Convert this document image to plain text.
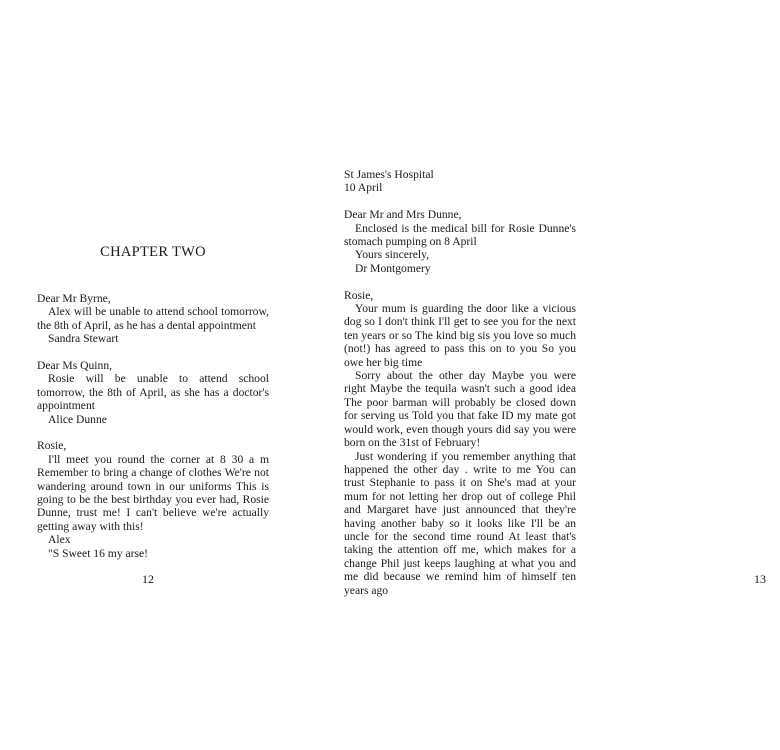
CHAPTER TWO

Dear Mr Byrne,

Alex will be unable to attend school tomorrow, the 8th of April, as he has a dental appointment

Sandra Stewart

Dear Ms Quinn,

Rosie will be unable to attend school tomorrow, the 8th of April, as she has a doctor's appointment

Alice Dunne

Rosie,

I'll meet you round the corner at 8 30 a m Remember to bring a change of clothes We're not wandering around town in our uniforms This is going to be the best birthday you ever had, Rosie Dunne, trust me! I can't believe we're actually getting away with this!

Alex

"S Sweet 16 my arse!

12

St James's Hospital

10 April

Dear Mr and Mrs Dunne,

Enclosed is the medical bill for Rosie Dunne's stomach pumping on 8 April

Yours sincerely,

Dr Montgomery

Rosie,

Your mum is guarding the door like a vicious dog so I don't think I'll get to see you for the next ten years or so The kind big sis you love so much (not!) has agreed to pass this on to you So you owe her big time

Sorry about the other day Maybe you were right Maybe the tequila wasn't such a good idea The poor barman will probably be closed down for serving us Told you that fake ID my mate got would work, even though yours did say you were born on the 31st of February!

Just wondering if you remember anything that happened the other day . write to me You can trust Stephanie to pass it on She's mad at your mum for not letting her drop out of college Phil and Margaret have just announced that they're having another baby so it looks like I'll be an uncle for the second time round At least that's taking the attention off me, which makes for a change Phil just keeps laughing at what you and me did because we remind him of himself ten years ago

13
